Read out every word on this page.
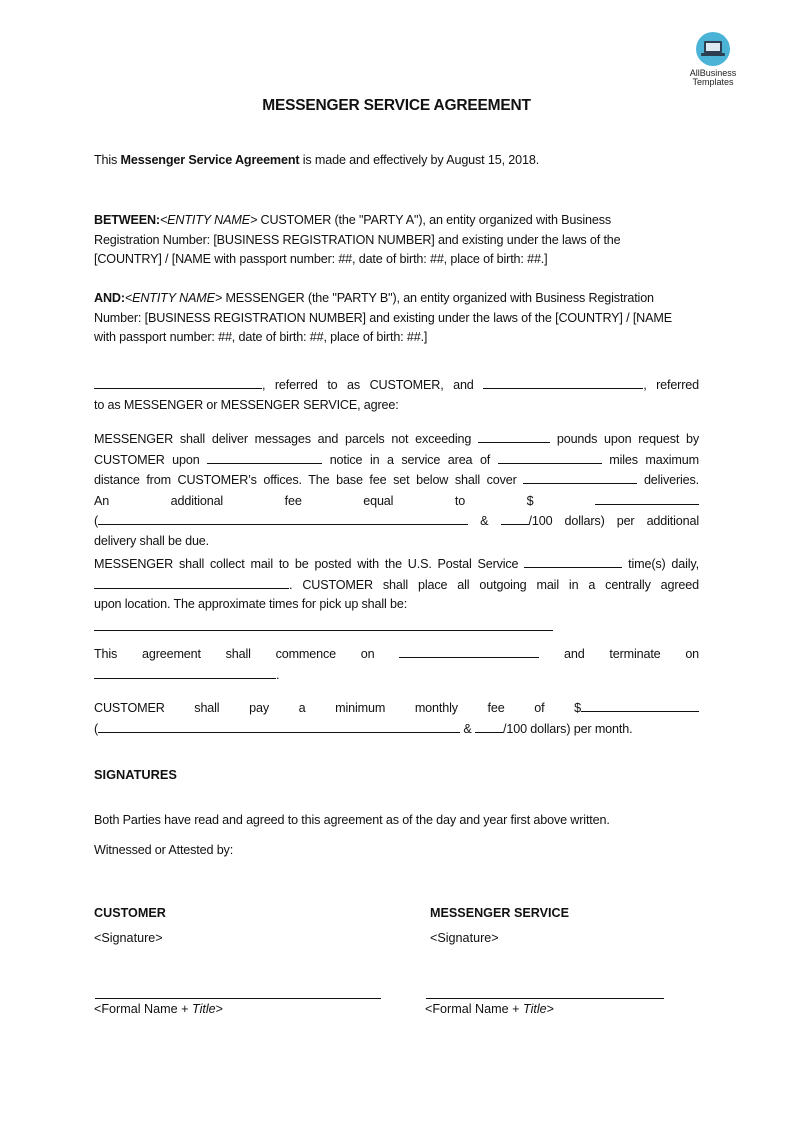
AllBusiness
Templates
MESSENGER SERVICE AGREEMENT
This Messenger Service Agreement is made and effectively by August 15, 2018.
BETWEEN:<ENTITY NAME> CUSTOMER (the "PARTY A"), an entity organized with Business
Registration Number: [BUSINESS REGISTRATION NUMBER] and existing under the laws of the
[COUNTRY] / [NAME with passport number: ##, date of birth: ##, place of birth: ##.]
AND:<ENTITY NAME> MESSENGER (the "PARTY B"), an entity organized with Business Registration
Number: [BUSINESS REGISTRATION NUMBER] and existing under the laws of the [COUNTRY] / [NAME
with passport number: ##, date of birth: ##, place of birth: ##.]
, referred to as CUSTOMER, and	, referred
to as MESSENGER or MESSENGER SERVICE, agree:
MESSENGER shall deliver messages and parcels not exceeding	pounds upon request by
CUSTOMER upon	notice in a service area of	miles maximum
distance from CUSTOMER’s offices. The base fee set below shall cover	deliveries.
An	additional	fee	equal	to	$
(	&	/100 dollars) per additional
delivery shall be due.
MESSENGER shall collect mail to be posted with the U.S. Postal Service	time(s) daily,
. CUSTOMER shall place all outgoing mail in a centrally agreed
upon location. The approximate times for pick up shall be:
This agreement shall commence on	and terminate on
.
CUSTOMER shall pay a minimum monthly fee of $
(	& /100 dollars) per month.
SIGNATURES
Both Parties have read and agreed to this agreement as of the day and year first above written.
Witnessed or Attested by:
CUSTOMER
<Signature>
<Formal Name + Title>
MESSENGER SERVICE
<Signature>
<Formal Name + Title>
